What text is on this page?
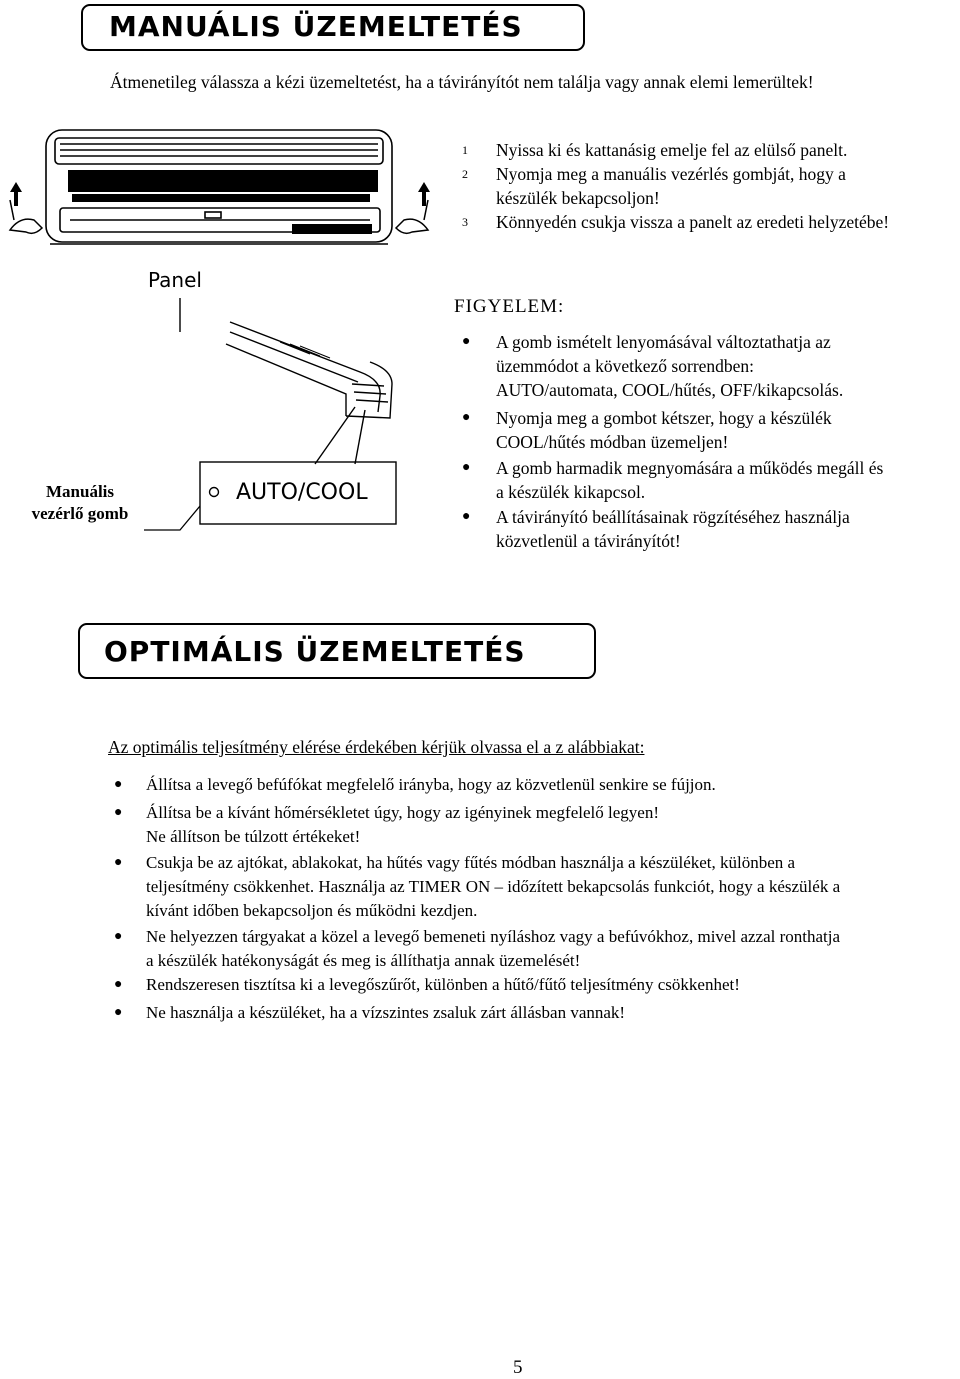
MANUÁLIS ÜZEMELTETÉS
Átmenetileg válassza a kézi üzemeltetést, ha a távirányítót nem találja vagy annak elemi lemerültek!
1 Nyissa ki és kattanásig emelje fel az elülső panelt.
2 Nyomja meg a manuális vezérlés gombját, hogy a
készülék bekapcsoljon!
3 Könnyedén csukja vissza a panelt az eredeti helyzetébe!
Panel
AUTO/COOL
Manuális
vezérlő gomb
FIGYELEM:
● A gomb ismételt lenyomásával változtathatja az
üzemmódot a következő sorrendben:
AUTO/automata, COOL/hűtés, OFF/kikapcsolás.
● Nyomja meg a gombot kétszer, hogy a készülék
COOL/hűtés módban üzemeljen!
● A gomb harmadik megnyomására a működés megáll és
a készülék kikapcsol.
● A távirányító beállításainak rögzítéséhez használja
közvetlenül a távirányítót!
OPTIMÁLIS ÜZEMELTETÉS
Az optimális teljesítmény elérése érdekében kérjük olvassa el a z alábbiakat:
● Állítsa a levegő befúfókat megfelelő irányba, hogy az közvetlenül senkire se fújjon.
● Állítsa be a kívánt hőmérsékletet úgy, hogy az igényinek megfelelő legyen!
Ne állítson be túlzott értékeket!
● Csukja be az ajtókat, ablakokat, ha hűtés vagy fűtés módban használja a készüléket, különben a
teljesítmény csökkenhet. Használja az TIMER ON – időzített bekapcsolás funkciót, hogy a készülék a
kívánt időben bekapcsoljon és működni kezdjen.
● Ne helyezzen tárgyakat a közel a levegő bemeneti nyíláshoz vagy a befúvókhoz, mivel azzal ronthatja
a készülék hatékonyságát és meg is állíthatja annak üzemelését!
● Rendszeresen tisztítsa ki a levegőszűrőt, különben a hűtő/fűtő teljesítmény csökkenhet!
● Ne használja a készüléket, ha a vízszintes zsaluk zárt állásban vannak!
5
